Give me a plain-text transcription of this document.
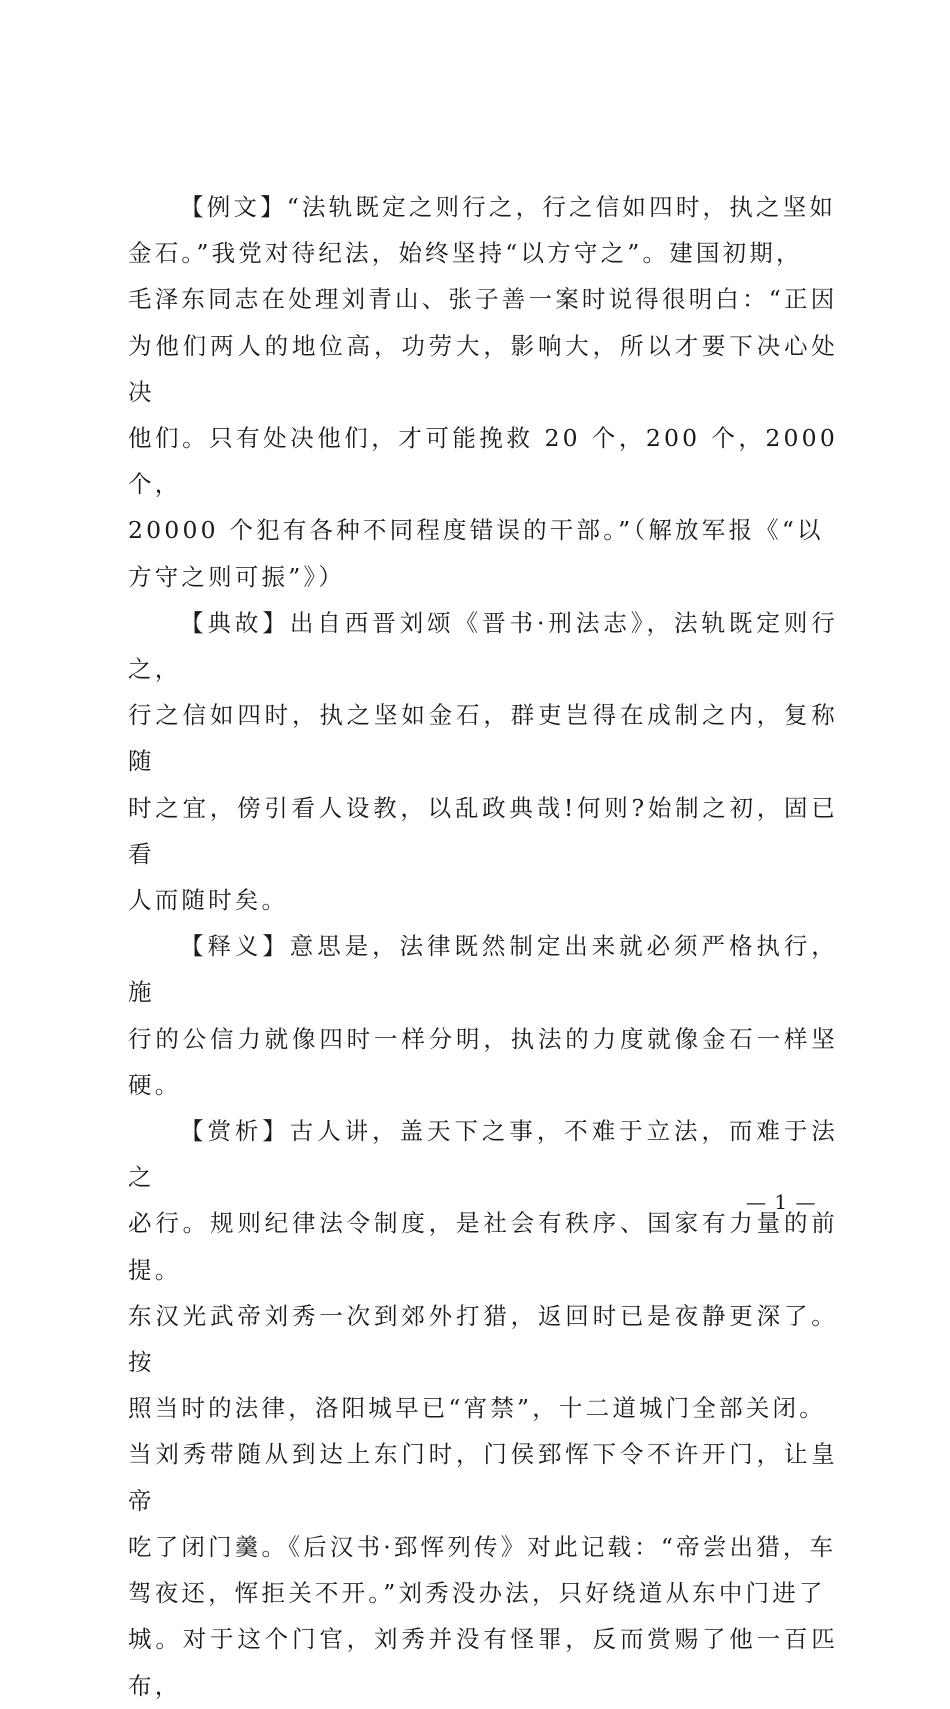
【例文】“法轨既定之则行之，行之信如四时，执之坚如
金石。”我党对待纪法，始终坚持“以方守之”。建国初期，
毛泽东同志在处理刘青山、张子善一案时说得很明白：“正因
为他们两人的地位高，功劳大，影响大，所以才要下决心处决
他们。只有处决他们，才可能挽救 20 个，200 个，2000 个，
20000 个犯有各种不同程度错误的干部。”（解放军报《“以
方守之则可振”》）
【典故】出自西晋刘颂《晋书·刑法志》，法轨既定则行之，
行之信如四时，执之坚如金石，群吏岂得在成制之内，复称随
时之宜，傍引看人设教，以乱政典哉!何则?始制之初，固已看
人而随时矣。
【释义】意思是，法律既然制定出来就必须严格执行，施
行的公信力就像四时一样分明，执法的力度就像金石一样坚硬。
【赏析】古人讲，盖天下之事，不难于立法，而难于法之
必行。规则纪律法令制度，是社会有秩序、国家有力量的前提。
东汉光武帝刘秀一次到郊外打猎，返回时已是夜静更深了。按
照当时的法律，洛阳城早已“宵禁”，十二道城门全部关闭。
当刘秀带随从到达上东门时，门侯郅恽下令不许开门，让皇帝
吃了闭门羹。《后汉书·郅恽列传》对此记载：“帝尝出猎，车
驾夜还，恽拒关不开。”刘秀没办法，只好绕道从东中门进了
城。对于这个门官，刘秀并没有怪罪，反而赏赐了他一百匹布，
— 1 —
